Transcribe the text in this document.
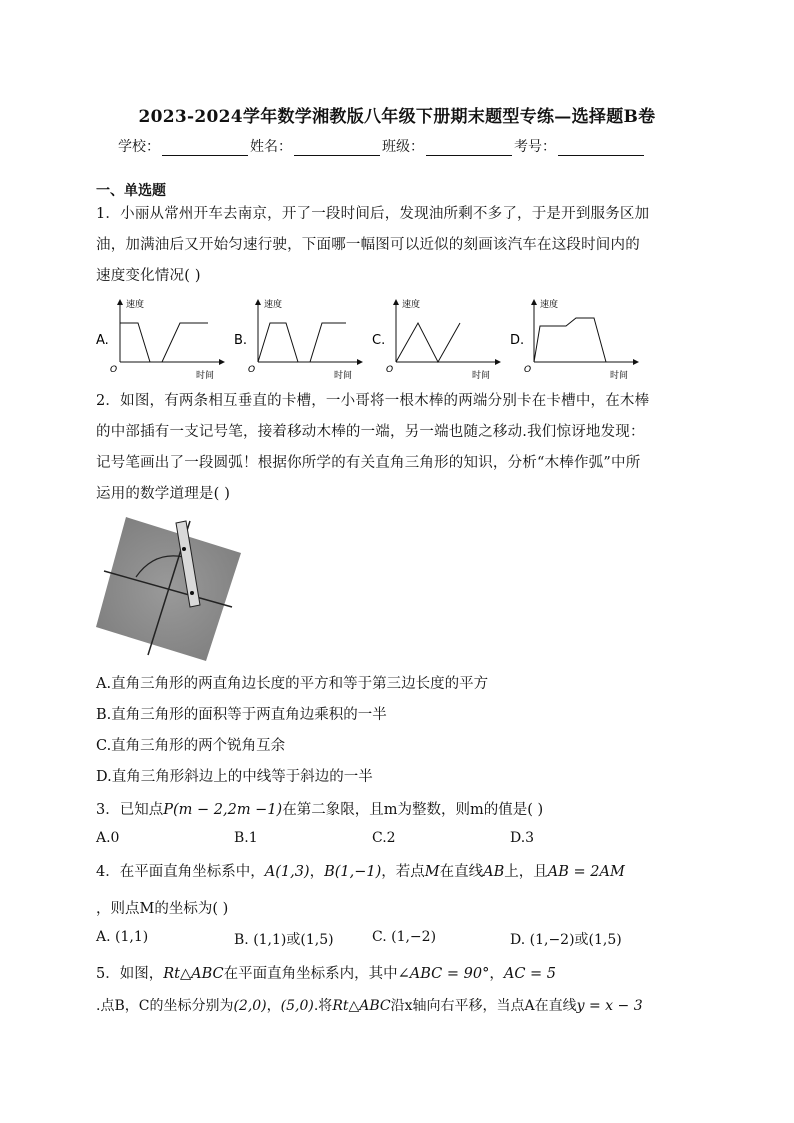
2023-2024学年数学湘教版八年级下册期末题型专练—选择题B卷
学校：	姓名：	班级：	考号：
一、单选题

1．小丽从常州开车去南京，开了一段时间后，发现油所剩不多了，于是开到服务区加

油，加满油后又开始匀速行驶，下面哪一幅图可以近似的刻画该汽车在这段时间内的

速度变化情况( )

A.
速度
时间
O
B.
速度
时间
O
C.
速度
时间
O
D.
速度
时间
O

2．如图，有两条相互垂直的卡槽，一小哥将一根木棒的两端分别卡在卡槽中，在木棒

的中部插有一支记号笔，接着移动木棒的一端，另一端也随之移动.我们惊讶地发现：

记号笔画出了一段圆弧！根据你所学的有关直角三角形的知识，分析“木棒作弧”中所

运用的数学道理是( )

A.直角三角形的两直角边长度的平方和等于第三边长度的平方
B.直角三角形的面积等于两直角边乘积的一半
C.直角三角形的两个锐角互余
D.直角三角形斜边上的中线等于斜边的一半
3．已知点P(m − 2,2m −1)在第二象限，且m为整数，则m的值是( )
A.0	B.1	C.2	D.3
4．在平面直角坐标系中，A(1,3)，B(1,−1)，若点M在直线AB上，且AB = 2AM
，则点M的坐标为( )
A. (1,1)	B. (1,1)或(1,5)	C. (1,−2)	D. (1,−2)或(1,5)
5．如图，Rt△ABC在平面直角坐标系内，其中∠ABC = 90°，AC = 5
.点B，C的坐标分别为(2,0)，(5,0).将Rt△ABC沿x轴向右平移，当点A在直线y = x − 3
